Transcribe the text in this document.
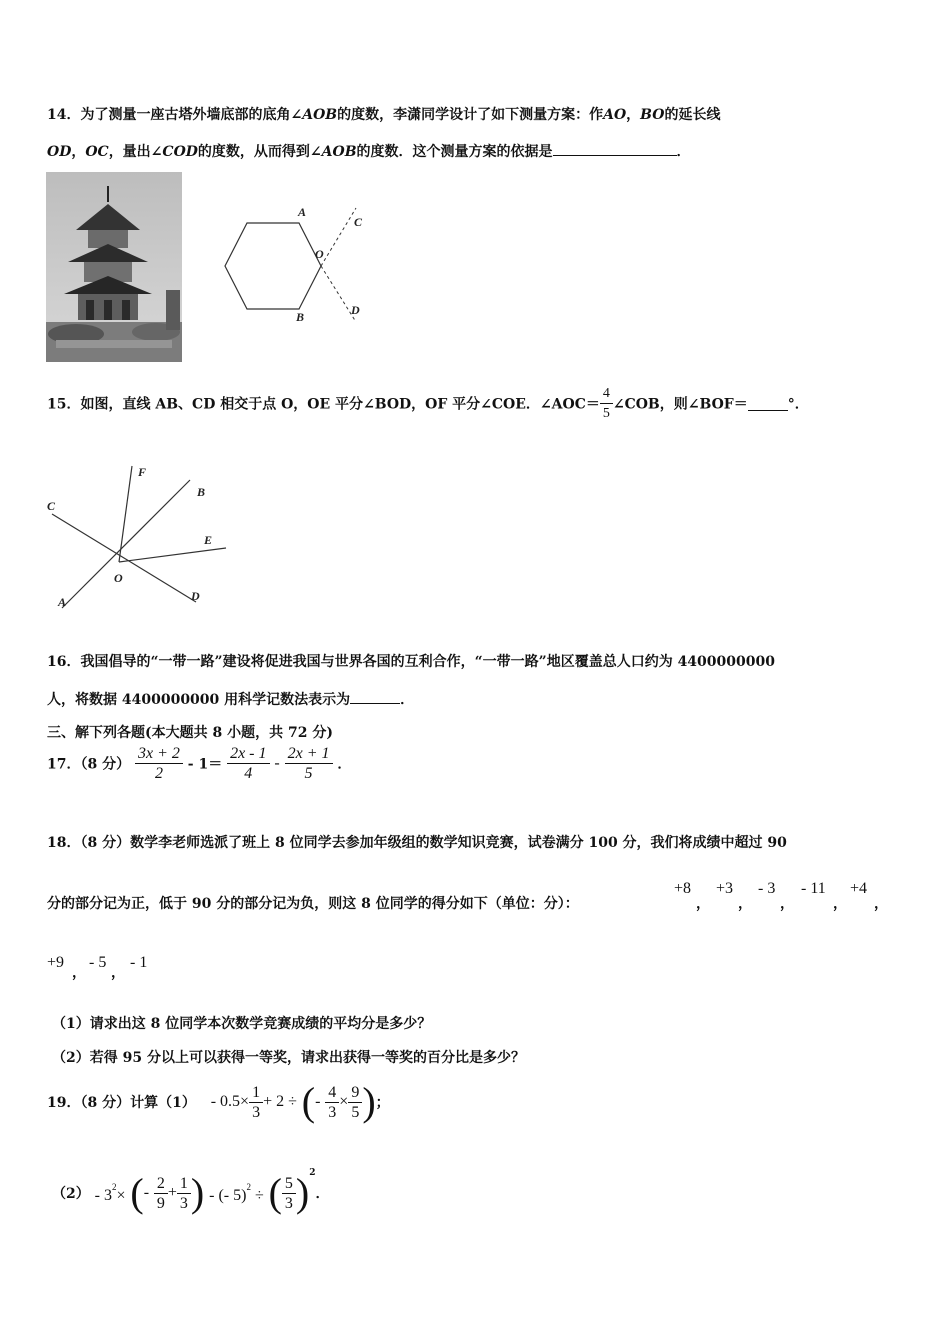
14．为了测量一座古塔外墙底部的底角∠AOB的度数，李潇同学设计了如下测量方案：作AO，BO的延长线
OD，OC，量出∠COD的度数，从而得到∠AOB的度数．这个测量方案的依据是	．
A
B
C
D
O
15．如图，直线 AB、CD 相交于点 O，OE 平分∠BOD，OF 平分∠COE．∠AOC＝ $\frac{4}{5}$ ∠COB，则∠BOF＝	°．
F
B
C
E
O
A	D
16．我国倡导的“一带一路”建设将促进我国与世界各国的互利合作，“一带一路”地区覆盖总人口约为 4400000000
人，将数据 4400000000 用科学记数法表示为	．
三、解下列各题(本大题共 8 小题，共 72 分)
17．（8 分） $\frac{3x + 2}{2} - 1= \frac{2x - 1}{4} - \frac{2x + 1}{5}$ ．
18．（8 分）数学李老师选派了班上 8 位同学去参加年级组的数学知识竞赛，试卷满分 100 分，我们将成绩中超过 90
分的部分记为正，低于 90 分的部分记为负，则这 8 位同学的得分如下（单位：分）：
+8
，
+3
，
- 3
，
- 11
，
+4
，
+9
，
- 5
，
- 1
（1）请求出这 8 位同学本次数学竞赛成绩的平均分是多少？
（2）若得 95 分以上可以获得一等奖，请求出获得一等奖的百分比是多少？
19．（8 分）计算$(1) - 0.5\times \frac{1}{3} + 2$ ÷ (- $\frac{4}{3} \times \frac{9}{5}$ )；
$(2) - 3^2\times$ (- $\frac{2}{9} + \frac{1}{3}$ ) - (- 5)$^2$ ÷ ( $\frac{5}{3} )^2$．
